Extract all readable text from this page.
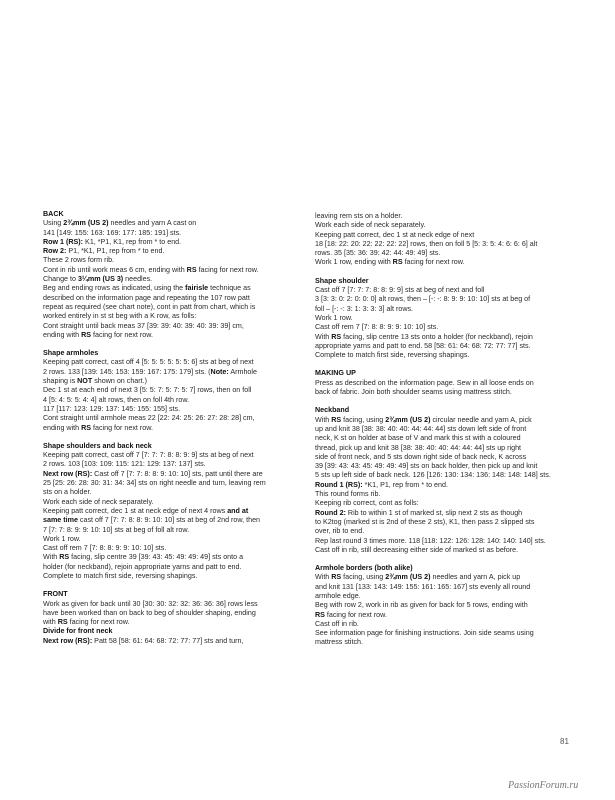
BACK
Using 2¾mm (US 2) needles and yarn A cast on
141 [149: 155: 163: 169: 177: 185: 191] sts.
Row 1 (RS): K1, *P1, K1, rep from * to end.
Row 2: P1, *K1, P1, rep from * to end.
These 2 rows form rib.
Cont in rib until work meas 6 cm, ending with RS facing for next row.
Change to 3¼mm (US 3) needles.
Beg and ending rows as indicated, using the fairisle technique as
described on the information page and repeating the 107 row patt
repeat as required (see chart note), cont in patt from chart, which is
worked entirely in st st beg with a K row, as folls:
Cont straight until back meas 37 [39: 39: 40: 39: 40: 39: 39] cm,
ending with RS facing for next row.
Shape armholes
Keeping patt correct, cast off 4 [5: 5: 5: 5: 5: 5: 6] sts at beg of next
2 rows. 133 [139: 145: 153: 159: 167: 175: 179] sts. (Note: Armhole
shaping is NOT shown on chart.)
Dec 1 st at each end of next 3 [5: 5: 7: 5: 7: 5: 7] rows, then on foll
4 [5: 4: 5: 5: 4: 4] alt rows, then on foll 4th row.
117 [117: 123: 129: 137: 145: 155: 155] sts.
Cont straight until armhole meas 22 [22: 24: 25: 26: 27: 28: 28] cm,
ending with RS facing for next row.
Shape shoulders and back neck
Keeping patt correct, cast off 7 [7: 7: 7: 8: 8: 9: 9] sts at beg of next
2 rows. 103 [103: 109: 115: 121: 129: 137: 137] sts.
Next row (RS): Cast off 7 [7: 7: 8: 8: 9: 10: 10] sts, patt until there are
25 [25: 26: 28: 30: 31: 34: 34] sts on right needle and turn, leaving rem
sts on a holder.
Work each side of neck separately.
Keeping patt correct, dec 1 st at neck edge of next 4 rows and at
same time cast off 7 [7: 7: 8: 8: 9: 10: 10] sts at beg of 2nd row, then
7 [7: 7: 8: 9: 9: 10: 10] sts at beg of foll alt row.
Work 1 row.
Cast off rem 7 [7: 8: 8: 9: 9: 10: 10] sts.
With RS facing, slip centre 39 [39: 43: 45: 49: 49: 49] sts onto a
holder (for neckband), rejoin appropriate yarns and patt to end.
Complete to match first side, reversing shapings.
FRONT
Work as given for back until 30 [30: 30: 32: 32: 36: 36: 36] rows less
have been worked than on back to beg of shoulder shaping, ending
with RS facing for next row.
Divide for front neck
Next row (RS): Patt 58 [58: 61: 64: 68: 72: 77: 77] sts and turn,
leaving rem sts on a holder.
Work each side of neck separately.
Keeping patt correct, dec 1 st at neck edge of next
18 [18: 22: 20: 22: 22: 22: 22] rows, then on foll 5 [5: 3: 5: 4: 6: 6: 6] alt
rows. 35 [35: 36: 39: 42: 44: 49: 49] sts.
Work 1 row, ending with RS facing for next row.
Shape shoulder
Cast off 7 [7: 7: 7: 8: 8: 9: 9] sts at beg of next and foll
3 [3: 3: 0: 2: 0: 0: 0] alt rows, then – [-: -: 8: 9: 9: 10: 10] sts at beg of
foll – [-: -: 3: 1: 3: 3: 3] alt rows.
Work 1 row.
Cast off rem 7 [7: 8: 8: 9: 9: 10: 10] sts.
With RS facing, slip centre 13 sts onto a holder (for neckband), rejoin
appropriate yarns and patt to end. 58 [58: 61: 64: 68: 72: 77: 77] sts.
Complete to match first side, reversing shapings.
MAKING UP
Press as described on the information page. Sew in all loose ends on
back of fabric. Join both shoulder seams using mattress stitch.
Neckband
With RS facing, using 2¾mm (US 2) circular needle and yarn A, pick
up and knit 38 [38: 38: 40: 40: 44: 44: 44] sts down left side of front
neck, K st on holder at base of V and mark this st with a coloured
thread, pick up and knit 38 [38: 38: 40: 40: 44: 44: 44] sts up right
side of front neck, and 5 sts down right side of back neck, K across
39 [39: 43: 43: 45: 49: 49: 49] sts on back holder, then pick up and knit
5 sts up left side of back neck. 126 [126: 130: 134: 136: 148: 148: 148] sts.
Round 1 (RS): *K1, P1, rep from * to end.
This round forms rib.
Keeping rib correct, cont as folls:
Round 2: Rib to within 1 st of marked st, slip next 2 sts as though
to K2tog (marked st is 2nd of these 2 sts), K1, then pass 2 slipped sts
over, rib to end.
Rep last round 3 times more. 118 [118: 122: 126: 128: 140: 140: 140] sts.
Cast off in rib, still decreasing either side of marked st as before.
Armhole borders (both alike)
With RS facing, using 2¾mm (US 2) needles and yarn A, pick up
and knit 131 [133: 143: 149: 155: 161: 165: 167] sts evenly all round
armhole edge.
Beg with row 2, work in rib as given for back for 5 rows, ending with
RS facing for next row.
Cast off in rib.
See information page for finishing instructions. Join side seams using
mattress stitch.
81
PassionForum.ru
